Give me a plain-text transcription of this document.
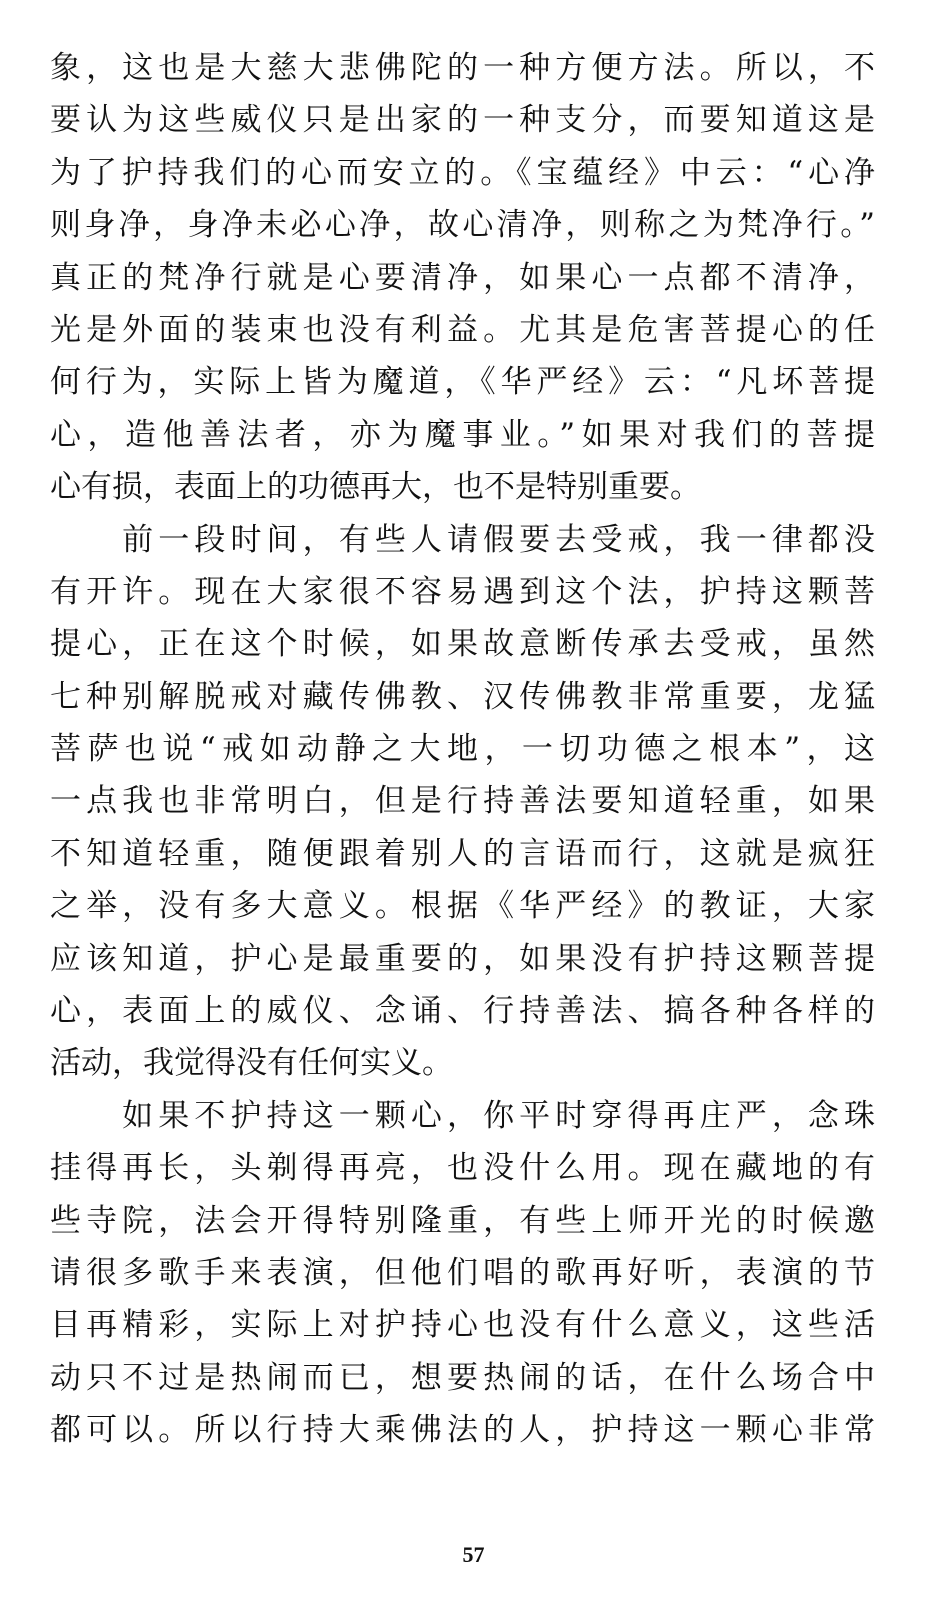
象，这也是大慈大悲佛陀的一种方便方法。所以，不
要认为这些威仪只是出家的一种支分，而要知道这是
为了护持我们的心而安立的。《宝蕴经》中云：“心净
则身净，身净未必心净，故心清净，则称之为梵净行。”
真正的梵净行就是心要清净，如果心一点都不清净，
光是外面的装束也没有利益。尤其是危害菩提心的任
何行为，实际上皆为魔道，《华严经》云：“凡坏菩提
心，造他善法者，亦为魔事业。”如果对我们的菩提
心有损，表面上的功德再大，也不是特别重要。
　　前一段时间，有些人请假要去受戒，我一律都没
有开许。现在大家很不容易遇到这个法，护持这颗菩
提心，正在这个时候，如果故意断传承去受戒，虽然
七种别解脱戒对藏传佛教、汉传佛教非常重要，龙猛
菩萨也说“戒如动静之大地，一切功德之根本”，这
一点我也非常明白，但是行持善法要知道轻重，如果
不知道轻重，随便跟着别人的言语而行，这就是疯狂
之举，没有多大意义。根据《华严经》的教证，大家
应该知道，护心是最重要的，如果没有护持这颗菩提
心，表面上的威仪、念诵、行持善法、搞各种各样的
活动，我觉得没有任何实义。
　　如果不护持这一颗心，你平时穿得再庄严，念珠
挂得再长，头剃得再亮，也没什么用。现在藏地的有
些寺院，法会开得特别隆重，有些上师开光的时候邀
请很多歌手来表演，但他们唱的歌再好听，表演的节
目再精彩，实际上对护持心也没有什么意义，这些活
动只不过是热闹而已，想要热闹的话，在什么场合中
都可以。所以行持大乘佛法的人，护持这一颗心非常
57
